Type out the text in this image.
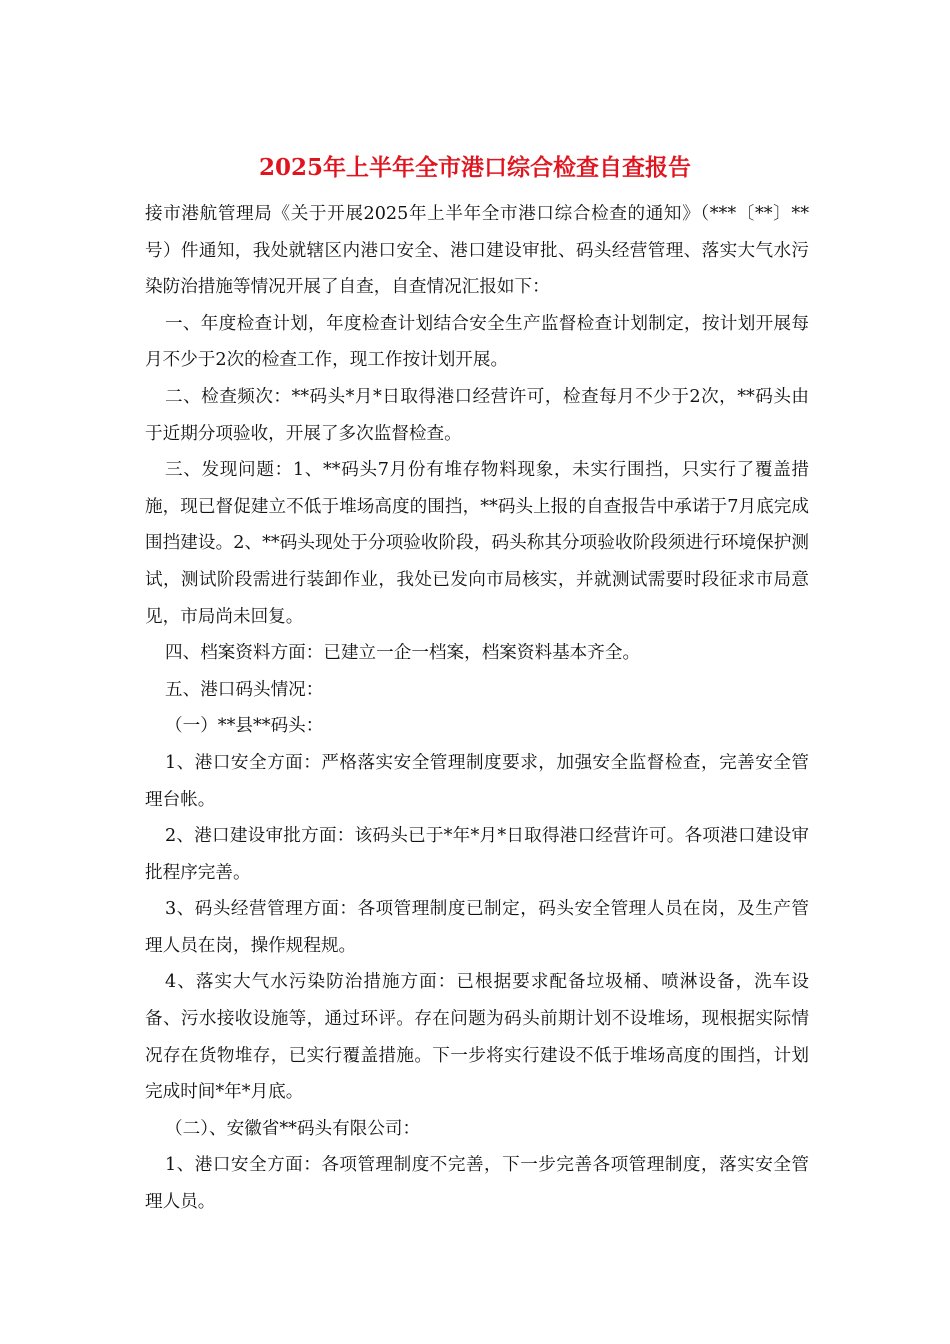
2025年上半年全市港口综合检查自查报告

接市港航管理局《关于开展2025年上半年全市港口综合检查的通知》（***〔**〕**号）件通知，我处就辖区内港口安全、港口建设审批、码头经营管理、落实大气水污染防治措施等情况开展了自查，自查情况汇报如下：

一、年度检查计划，年度检查计划结合安全生产监督检查计划制定，按计划开展每月不少于2次的检查工作，现工作按计划开展。

二、检查频次：**码头*月*日取得港口经营许可，检查每月不少于2次，**码头由于近期分项验收，开展了多次监督检查。

三、发现问题：1、**码头7月份有堆存物料现象，未实行围挡，只实行了覆盖措施，现已督促建立不低于堆场高度的围挡，**码头上报的自查报告中承诺于7月底完成围挡建设。2、**码头现处于分项验收阶段，码头称其分项验收阶段须进行环境保护测试，测试阶段需进行装卸作业，我处已发向市局核实，并就测试需要时段征求市局意见，市局尚未回复。

四、档案资料方面：已建立一企一档案，档案资料基本齐全。

五、港口码头情况：

（一）**县**码头：

1、港口安全方面：严格落实安全管理制度要求，加强安全监督检查，完善安全管理台帐。

2、港口建设审批方面：该码头已于*年*月*日取得港口经营许可。各项港口建设审批程序完善。

3、码头经营管理方面：各项管理制度已制定，码头安全管理人员在岗，及生产管理人员在岗，操作规程规。

4、落实大气水污染防治措施方面：已根据要求配备垃圾桶、喷淋设备，洗车设备、污水接收设施等，通过环评。存在问题为码头前期计划不设堆场，现根据实际情况存在货物堆存，已实行覆盖措施。下一步将实行建设不低于堆场高度的围挡，计划完成时间*年*月底。

（二）、安徽省**码头有限公司：

1、港口安全方面：各项管理制度不完善，下一步完善各项管理制度，落实安全管理人员。
